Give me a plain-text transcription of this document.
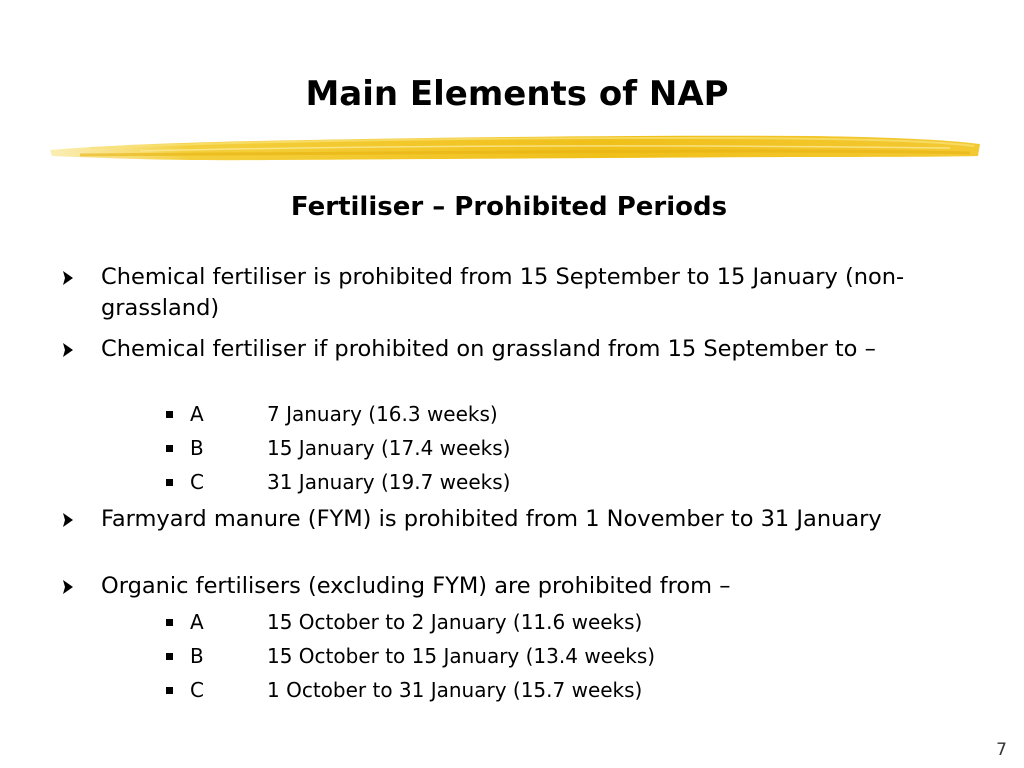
Main Elements of NAP
Fertiliser – Prohibited Periods
Chemical fertiliser is prohibited from 15 September to 15 January (non-grassland)
Chemical fertiliser if prohibited on grassland from 15 September to –
A	7 January (16.3 weeks)
B	15 January (17.4 weeks)
C	31 January (19.7 weeks)
Farmyard manure (FYM) is prohibited from 1 November to 31 January
Organic fertilisers (excluding FYM) are prohibited from –
A	15 October to 2 January (11.6 weeks)
B	15 October to 15 January (13.4 weeks)
C	1 October to 31 January (15.7 weeks)
7
